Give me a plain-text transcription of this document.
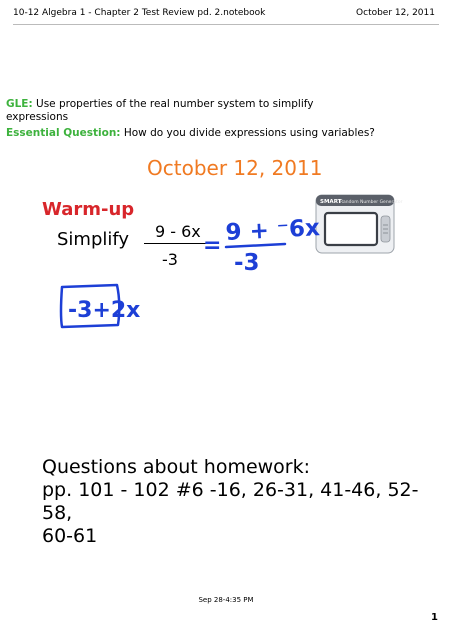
10-12 Algebra 1 - Chapter 2 Test Review pd. 2.notebook	October 12, 2011
GLE: Use properties of the real number system to simplify
expressions
Essential Question: How do you divide expressions using variables?
October 12, 2011
Warm-up
Simplify 9 - 6x
-3
SMART
Random Number Generator
9 + ⁻6x
=
-3
-3+2x
Questions about homework:
pp. 101 - 102 #6 -16, 26-31, 41-46, 52-58,
60-61
Sep 28-4:35 PM
1
